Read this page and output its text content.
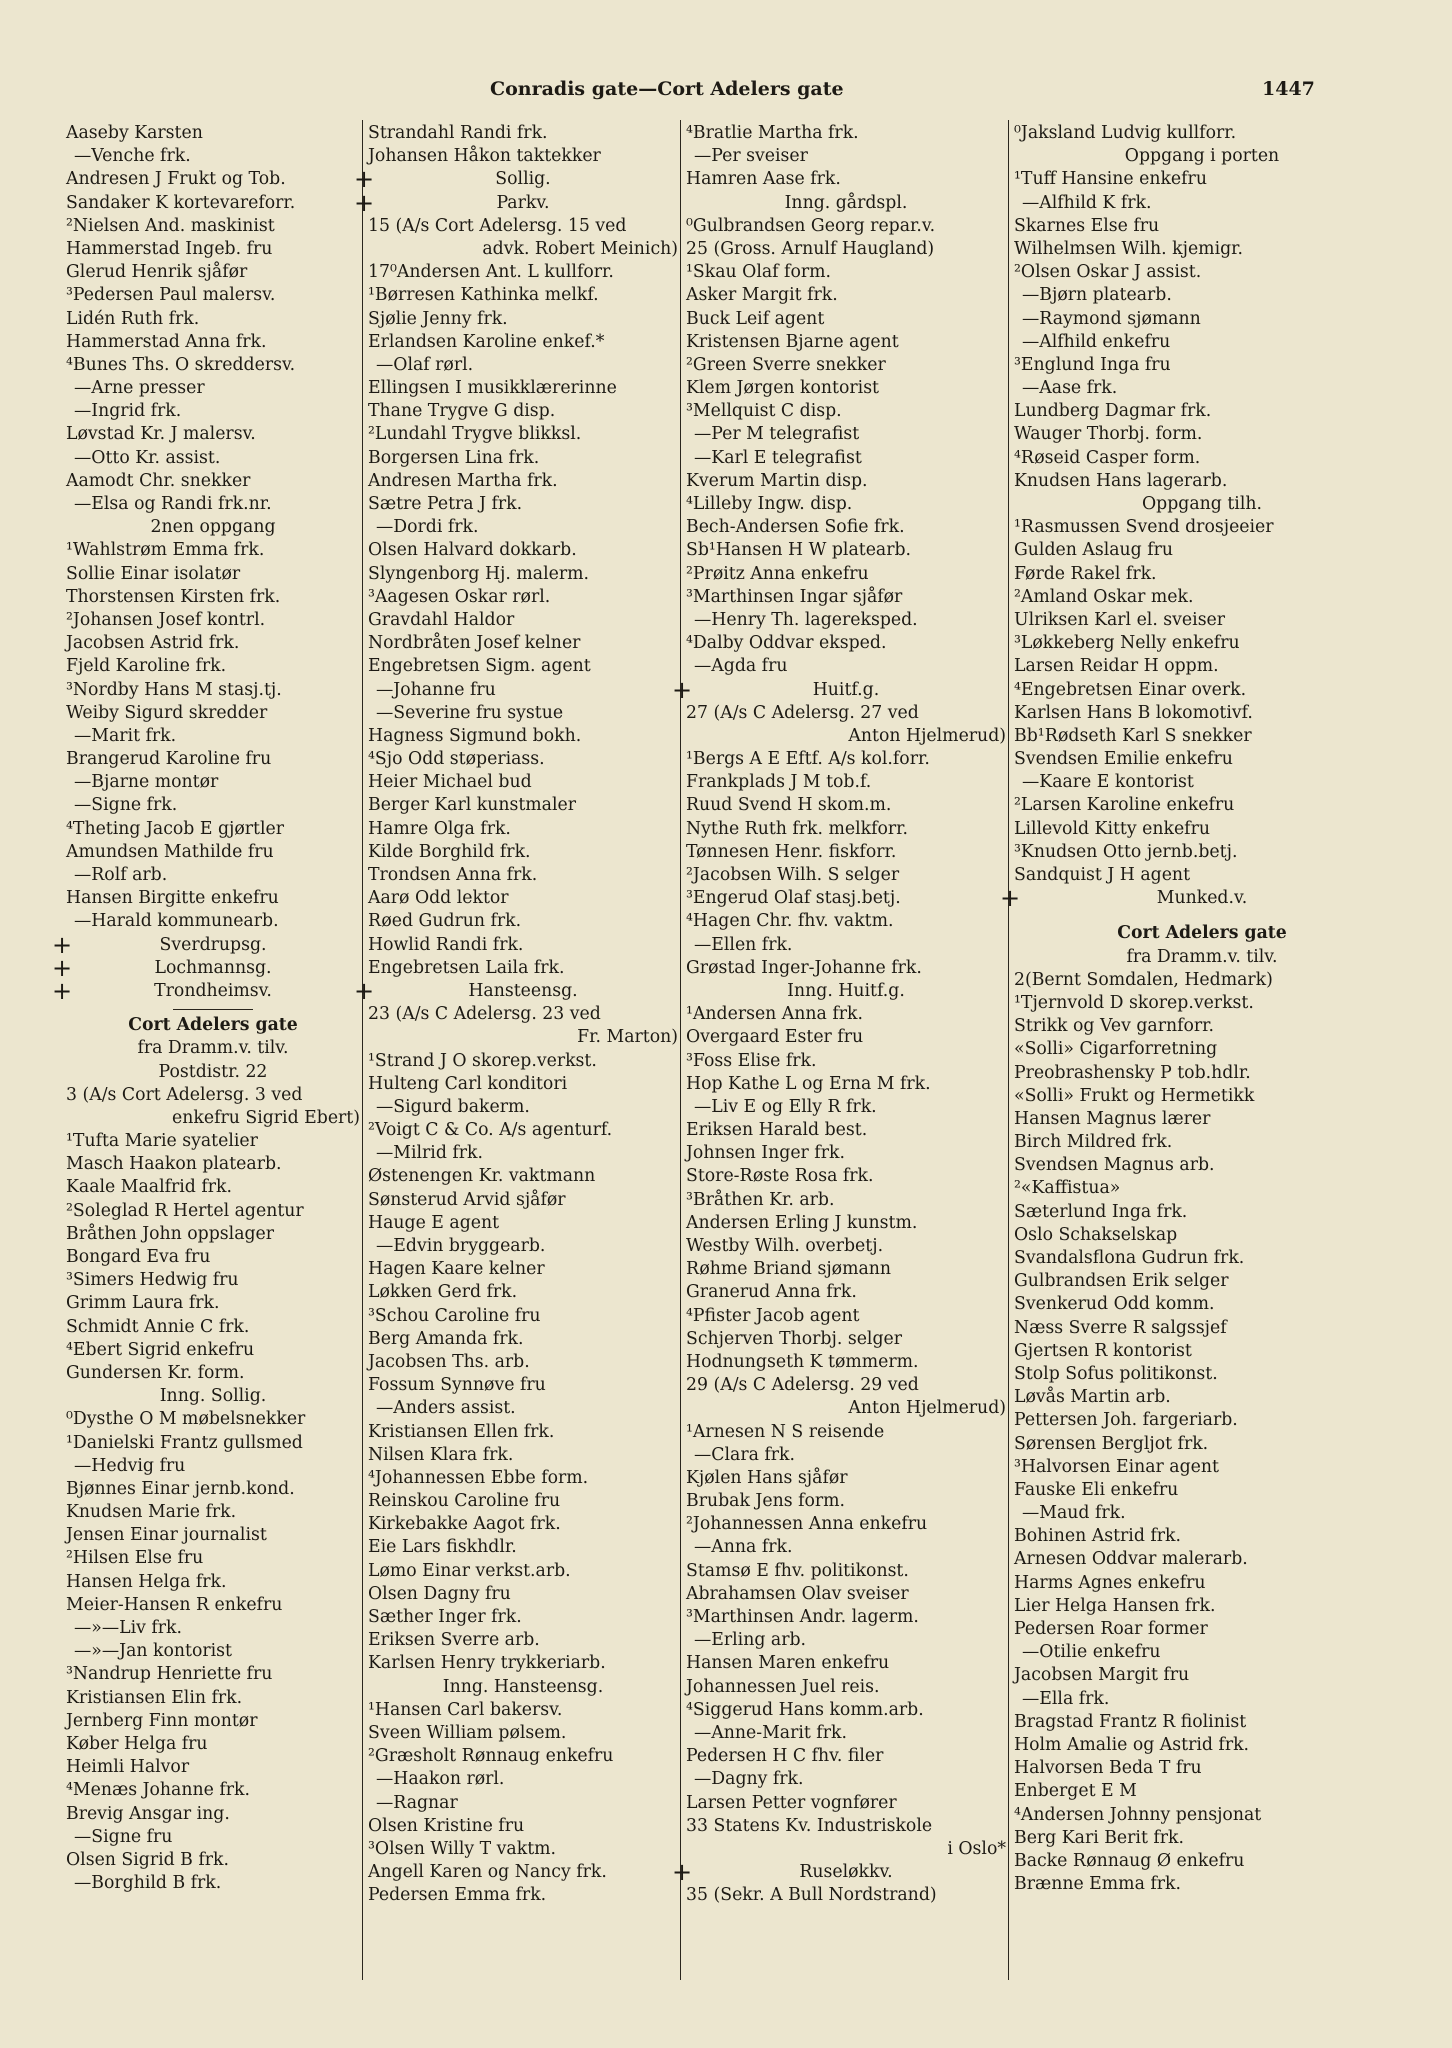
Conradis gate—Cort Adelers gate	1447
Aaseby Karsten
—Venche frk.
Andresen J Frukt og Tob.
Sandaker K kortevareforr.
²Nielsen And. maskinist
Hammerstad Ingeb. fru
Glerud Henrik sjåfør
³Pedersen Paul malersv.
Lidén Ruth frk.
Hammerstad Anna frk.
⁴Bunes Ths. O skreddersv.
—Arne presser
—Ingrid frk.
Løvstad Kr. J malersv.
—Otto Kr. assist.
Aamodt Chr. snekker
—Elsa og Randi frk.nr.
2nen oppgang
¹Wahlstrøm Emma frk.
Sollie Einar isolatør
Thorstensen Kirsten frk.
²Johansen Josef kontrl.
Jacobsen Astrid frk.
Fjeld Karoline frk.
³Nordby Hans M stasj.tj.
Weiby Sigurd skredder
—Marit frk.
Brangerud Karoline fru
—Bjarne montør
—Signe frk.
⁴Theting Jacob E gjørtler
Amundsen Mathilde fru
—Rolf arb.
Hansen Birgitte enkefru
—Harald kommunearb.
+	Sverdrupsg.
+	Lochmannsg.
+	Trondheimsv.
Cort Adelers gate
fra Dramm.v. tilv.
Postdistr. 22
3 (A/s Cort Adelersg. 3 ved
enkefru Sigrid Ebert)
¹Tufta Marie syatelier
Masch Haakon platearb.
Kaale Maalfrid frk.
²Soleglad R Hertel agentur
Bråthen John oppslager
Bongard Eva fru
³Simers Hedwig fru
Grimm Laura frk.
Schmidt Annie C frk.
⁴Ebert Sigrid enkefru
Gundersen Kr. form.
Inng. Sollig.
⁰Dysthe O M møbelsnekker
¹Danielski Frantz gullsmed
—Hedvig fru
Bjønnes Einar jernb.kond.
Knudsen Marie frk.
Jensen Einar journalist
²Hilsen Else fru
Hansen Helga frk.
Meier-Hansen R enkefru
—»—Liv frk.
—»—Jan kontorist
³Nandrup Henriette fru
Kristiansen Elin frk.
Jernberg Finn montør
Køber Helga fru
Heimli Halvor
⁴Menæs Johanne frk.
Brevig Ansgar ing.
—Signe fru
Olsen Sigrid B frk.
—Borghild B frk.
Strandahl Randi frk.
Johansen Håkon taktekker
+	Sollig.
+	Parkv.
15 (A/s Cort Adelersg. 15 ved
advk. Robert Meinich)
17⁰Andersen Ant. L kullforr.
¹Børresen Kathinka melkf.
Sjølie Jenny frk.
Erlandsen Karoline enkef.*
—Olaf rørl.
Ellingsen I musikklærerinne
Thane Trygve G disp.
²Lundahl Trygve blikksl.
Borgersen Lina frk.
Andresen Martha frk.
Sætre Petra J frk.
—Dordi frk.
Olsen Halvard dokkarb.
Slyngenborg Hj. malerm.
³Aagesen Oskar rørl.
Gravdahl Haldor
Nordbråten Josef kelner
Engebretsen Sigm. agent
—Johanne fru
—Severine fru systue
Hagness Sigmund bokh.
⁴Sjo Odd støperiass.
Heier Michael bud
Berger Karl kunstmaler
Hamre Olga frk.
Kilde Borghild frk.
Trondsen Anna frk.
Aarø Odd lektor
Røed Gudrun frk.
Howlid Randi frk.
Engebretsen Laila frk.
+	Hansteensg.
23 (A/s C Adelersg. 23 ved
Fr. Marton)
¹Strand J O skorep.verkst.
Hulteng Carl konditori
—Sigurd bakerm.
²Voigt C & Co. A/s agenturf.
—Milrid frk.
Østenengen Kr. vaktmann
Sønsterud Arvid sjåfør
Hauge E agent
—Edvin bryggearb.
Hagen Kaare kelner
Løkken Gerd frk.
³Schou Caroline fru
Berg Amanda frk.
Jacobsen Ths. arb.
Fossum Synnøve fru
—Anders assist.
Kristiansen Ellen frk.
Nilsen Klara frk.
⁴Johannessen Ebbe form.
Reinskou Caroline fru
Kirkebakke Aagot frk.
Eie Lars fiskhdlr.
Lømo Einar verkst.arb.
Olsen Dagny fru
Sæther Inger frk.
Eriksen Sverre arb.
Karlsen Henry trykkeriarb.
Inng. Hansteensg.
¹Hansen Carl bakersv.
Sveen William pølsem.
²Græsholt Rønnaug enkefru
—Haakon rørl.
—Ragnar
Olsen Kristine fru
³Olsen Willy T vaktm.
Angell Karen og Nancy frk.
Pedersen Emma frk.
⁴Bratlie Martha frk.
—Per sveiser
Hamren Aase frk.
Inng. gårdspl.
⁰Gulbrandsen Georg repar.v.
25 (Gross. Arnulf Haugland)
¹Skau Olaf form.
Asker Margit frk.
Buck Leif agent
Kristensen Bjarne agent
²Green Sverre snekker
Klem Jørgen kontorist
³Mellquist C disp.
—Per M telegrafist
—Karl E telegrafist
Kverum Martin disp.
⁴Lilleby Ingw. disp.
Bech-Andersen Sofie frk.
Sb¹Hansen H W platearb.
²Prøitz Anna enkefru
³Marthinsen Ingar sjåfør
—Henry Th. lagereksped.
⁴Dalby Oddvar eksped.
—Agda fru
+	Huitf.g.
27 (A/s C Adelersg. 27 ved
Anton Hjelmerud)
¹Bergs A E Eftf. A/s kol.forr.
Frankplads J M tob.f.
Ruud Svend H skom.m.
Nythe Ruth frk. melkforr.
Tønnesen Henr. fiskforr.
²Jacobsen Wilh. S selger
³Engerud Olaf stasj.betj.
⁴Hagen Chr. fhv. vaktm.
—Ellen frk.
Grøstad Inger-Johanne frk.
Inng. Huitf.g.
¹Andersen Anna frk.
Overgaard Ester fru
³Foss Elise frk.
Hop Kathe L og Erna M frk.
—Liv E og Elly R frk.
Eriksen Harald best.
Johnsen Inger frk.
Store-Røste Rosa frk.
³Bråthen Kr. arb.
Andersen Erling J kunstm.
Westby Wilh. overbetj.
Røhme Briand sjømann
Granerud Anna frk.
⁴Pfister Jacob agent
Schjerven Thorbj. selger
Hodnungseth K tømmerm.
29 (A/s C Adelersg. 29 ved
Anton Hjelmerud)
¹Arnesen N S reisende
—Clara frk.
Kjølen Hans sjåfør
Brubak Jens form.
²Johannessen Anna enkefru
—Anna frk.
Stamsø E fhv. politikonst.
Abrahamsen Olav sveiser
³Marthinsen Andr. lagerm.
—Erling arb.
Hansen Maren enkefru
Johannessen Juel reis.
⁴Siggerud Hans komm.arb.
—Anne-Marit frk.
Pedersen H C fhv. filer
—Dagny frk.
Larsen Petter vognfører
33 Statens Kv. Industriskole
i Oslo*
+	Ruseløkkv.
35 (Sekr. A Bull Nordstrand)
⁰Jaksland Ludvig kullforr.
Oppgang i porten
¹Tuff Hansine enkefru
—Alfhild K frk.
Skarnes Else fru
Wilhelmsen Wilh. kjemigr.
²Olsen Oskar J assist.
—Bjørn platearb.
—Raymond sjømann
—Alfhild enkefru
³Englund Inga fru
—Aase frk.
Lundberg Dagmar frk.
Wauger Thorbj. form.
⁴Røseid Casper form.
Knudsen Hans lagerarb.
Oppgang tilh.
¹Rasmussen Svend drosjeeier
Gulden Aslaug fru
Førde Rakel frk.
²Amland Oskar mek.
Ulriksen Karl el. sveiser
³Løkkeberg Nelly enkefru
Larsen Reidar H oppm.
⁴Engebretsen Einar overk.
Karlsen Hans B lokomotivf.
Bb¹Rødseth Karl S snekker
Svendsen Emilie enkefru
—Kaare E kontorist
²Larsen Karoline enkefru
Lillevold Kitty enkefru
³Knudsen Otto jernb.betj.
Sandquist J H agent
+	Munked.v.
Cort Adelers gate
fra Dramm.v. tilv.
2(Bernt Somdalen, Hedmark)
¹Tjernvold D skorep.verkst.
Strikk og Vev garnforr.
«Solli» Cigarforretning
Preobrashensky P tob.hdlr.
«Solli» Frukt og Hermetikk
Hansen Magnus lærer
Birch Mildred frk.
Svendsen Magnus arb.
²«Kaffistua»
Sæterlund Inga frk.
Oslo Schakselskap
Svandalsflona Gudrun frk.
Gulbrandsen Erik selger
Svenkerud Odd komm.
Næss Sverre R salgssjef
Gjertsen R kontorist
Stolp Sofus politikonst.
Løvås Martin arb.
Pettersen Joh. fargeriarb.
Sørensen Bergljot frk.
³Halvorsen Einar agent
Fauske Eli enkefru
—Maud frk.
Bohinen Astrid frk.
Arnesen Oddvar malerarb.
Harms Agnes enkefru
Lier Helga Hansen frk.
Pedersen Roar former
—Otilie enkefru
Jacobsen Margit fru
—Ella frk.
Bragstad Frantz R fiolinist
Holm Amalie og Astrid frk.
Halvorsen Beda T fru
Enberget E M
⁴Andersen Johnny pensjonat
Berg Kari Berit frk.
Backe Rønnaug Ø enkefru
Brænne Emma frk.
